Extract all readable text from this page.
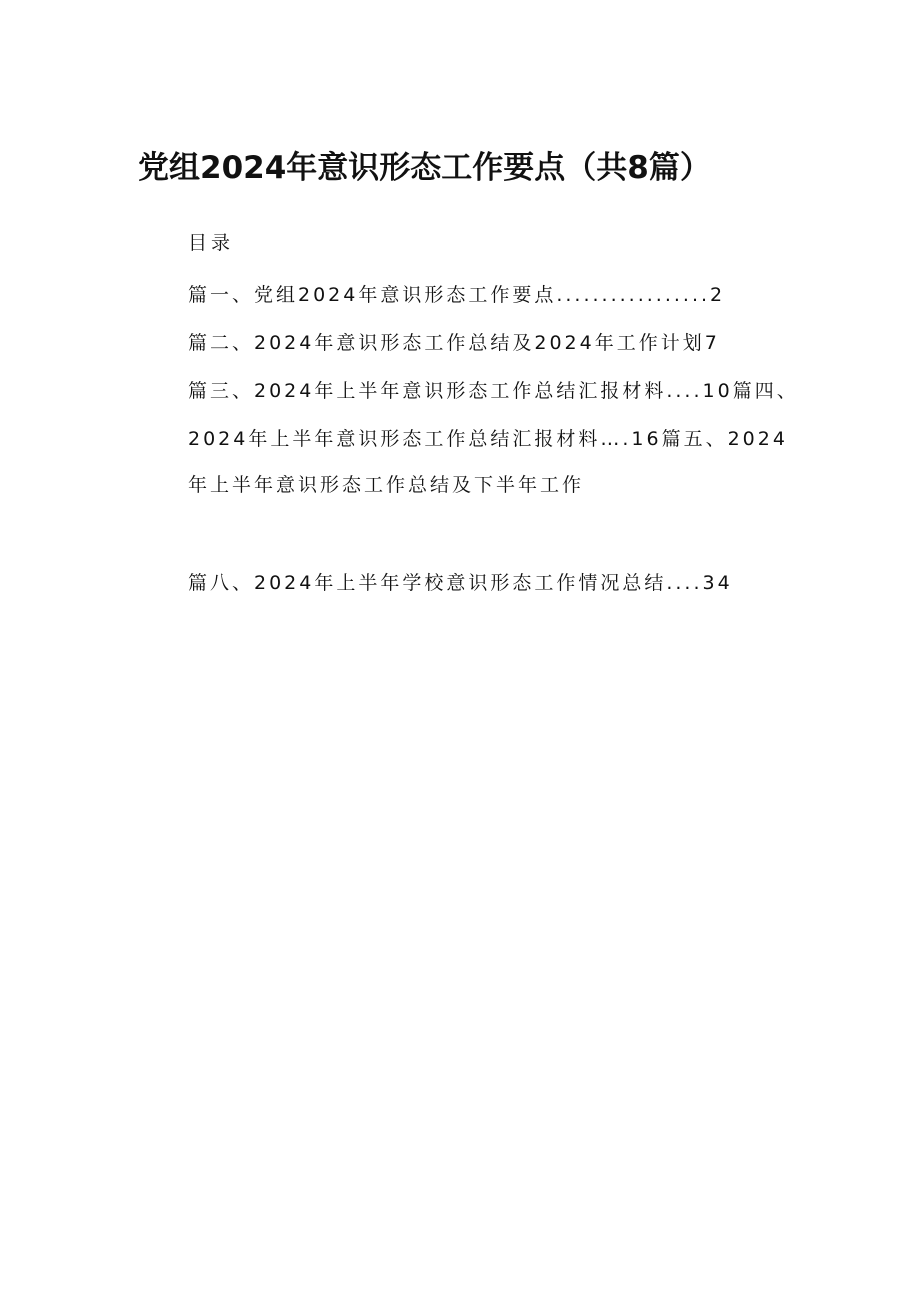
党组2024年意识形态工作要点（共8篇）
目录
篇一、党组2024年意识形态工作要点.................2
篇二、2024年意识形态工作总结及2024年工作计划7
篇三、2024年上半年意识形态工作总结汇报材料....10篇四、
2024年上半年意识形态工作总结汇报材料….16篇五、2024
年上半年意识形态工作总结及下半年工作
篇八、2024年上半年学校意识形态工作情况总结....34
